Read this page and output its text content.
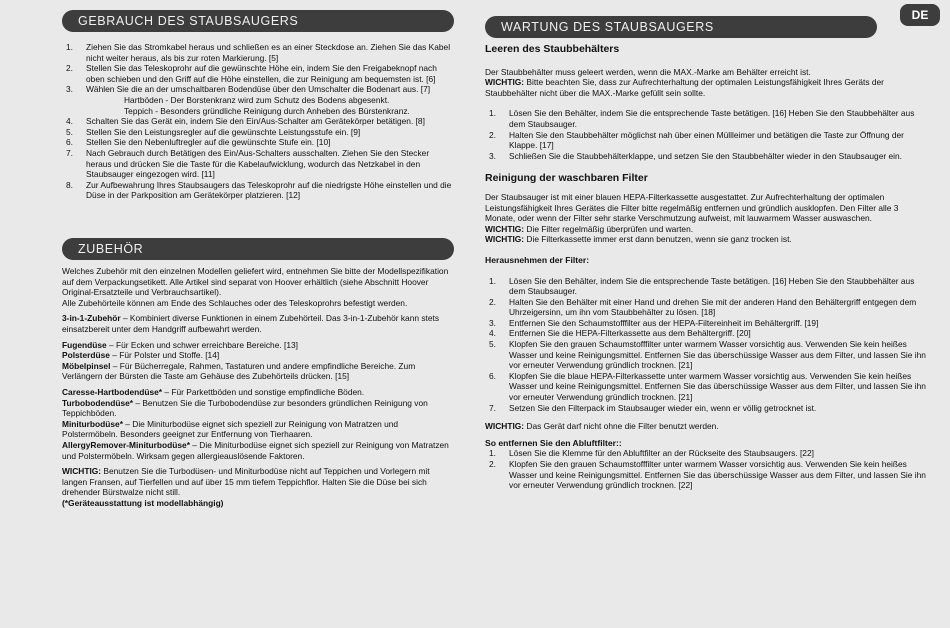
GEBRAUCH DES STAUBSAUGERS
1. Ziehen Sie das Stromkabel heraus und schließen es an einer Steckdose an. Ziehen Sie das Kabel nicht weiter heraus, als bis zur roten Markierung. [5]
2. Stellen Sie das Teleskoprohr auf die gewünschte Höhe ein, indem Sie den Freigabeknopf nach oben schieben und den Griff auf die Höhe einstellen, die zur Reinigung am bequemsten ist. [6]
3. Wählen Sie die an der umschaltbaren Bodendüse über den Umschalter die Bodenart aus. [7]
Hartböden - Der Borstenkranz wird zum Schutz des Bodens abgesenkt.
Teppich - Besonders gründliche Reinigung durch Anheben des Bürstenkranz.
4. Schalten Sie das Gerät ein, indem Sie den Ein/Aus-Schalter am Gerätekörper betätigen. [8]
5. Stellen Sie den Leistungsregler auf die gewünschte Leistungsstufe ein. [9]
6. Stellen Sie den Nebenluftregler auf die gewünschte Stufe ein. [10]
7. Nach Gebrauch durch Betätigen des Ein/Aus-Schalters ausschalten. Ziehen Sie den Stecker heraus und drücken Sie die Taste für die Kabelaufwicklung, wodurch das Netzkabel in den Staubsauger eingezogen wird. [11]
8. Zur Aufbewahrung Ihres Staubsaugers das Teleskoprohr auf die niedrigste Höhe einstellen und die Düse in der Parkposition am Gerätekörper platzieren. [12]
ZUBEHÖR

Welches Zubehör mit den einzelnen Modellen geliefert wird, entnehmen Sie bitte der Modellspezifikation auf dem Verpackungsetikett. Alle Artikel sind separat von Hoover erhältlich (siehe Abschnitt Hoover Original-Ersatzteile und Verbrauchsartikel).
Alle Zubehörteile können am Ende des Schlauches oder des Teleskoprohrs befestigt werden.

3-in-1-Zubehör – Kombiniert diverse Funktionen in einem Zubehörteil. Das 3-in-1-Zubehör kann stets einsatzbereit unter dem Handgriff aufbewahrt werden.

Fugendüse – Für Ecken und schwer erreichbare Bereiche. [13]
Polsterdüse – Für Polster und Stoffe. [14]
Möbelpinsel – Für Bücherregale, Rahmen, Tastaturen und andere empfindliche Bereiche. Zum Verlängern der Bürsten die Taste am Gehäuse des Zubehörteils drücken. [15]

Caresse-Hartbodendüse* – Für Parkettböden und sonstige empfindliche Böden.
Turbobodendüse* – Benutzen Sie die Turbobodendüse zur besonders gründlichen Reinigung von Teppichböden.
Miniturbodüse* – Die Miniturbodüse eignet sich speziell zur Reinigung von Matratzen und Polstermöbeln. Besonders geeignet zur Entfernung von Tierhaaren.
AllergyRemover-Miniturbodüse* – Die Miniturbodüse eignet sich speziell zur Reinigung von Matratzen und Polstermöbeln. Wirksam gegen allergieauslösende Faktoren.

WICHTIG: Benutzen Sie die Turbodüsen- und Miniturbodüse nicht auf Teppichen und Vorlegern mit langen Fransen, auf Tierfellen und auf über 15 mm tiefem Teppichflor. Halten Sie die Düse bei sich drehender Bürstwalze nicht still.
(*Geräteausstattung ist modellabhängig)

DE
WARTUNG DES STAUBSAUGERS
Leeren des Staubbehälters

Der Staubbehälter muss geleert werden, wenn die MAX.-Marke am Behälter erreicht ist.
WICHTIG: Bitte beachten Sie, dass zur Aufrechterhaltung der optimalen Leistungsfähigkeit Ihres Geräts der Staubbehälter nicht über die MAX.-Marke gefüllt sein sollte.

1. Lösen Sie den Behälter, indem Sie die entsprechende Taste betätigen. [16] Heben Sie den Staubbehälter aus dem Staubsauger.
2. Halten Sie den Staubbehälter möglichst nah über einen Müllleimer und betätigen die Taste zur Öffnung der Klappe. [17]
3. Schließen Sie die Staubbehälterklappe, und setzen Sie den Staubbehälter wieder in den Staubsauger ein.
Reinigung der waschbaren Filter

Der Staubsauger ist mit einer blauen HEPA-Filterkassette ausgestattet. Zur Aufrechterhaltung der optimalen Leistungsfähigkeit Ihres Gerätes die Filter bitte regelmäßig entfernen und gründlich ausklopfen. Den Filter alle 3 Monate, oder wenn der Filter sehr starke Verschmutzung aufweist, mit lauwarmem Wasser auswaschen.
WICHTIG: Die Filter regelmäßig überprüfen und warten.
WICHTIG: Die Filterkassette immer erst dann benutzen, wenn sie ganz trocken ist.

Herausnehmen der Filter:
1. Lösen Sie den Behälter, indem Sie die entsprechende Taste betätigen. [16] Heben Sie den Staubbehälter aus dem Staubsauger.
2. Halten Sie den Behälter mit einer Hand und drehen Sie mit der anderen Hand den Behältergriff entgegen dem Uhrzeigersinn, um ihn vom Staubbehälter zu lösen. [18]
3. Entfernen Sie den Schaumstofffilter aus der HEPA-Filtereinheit im Behältergriff. [19]
4. Entfernen Sie die HEPA-Filterkassette aus dem Behältergriff. [20]
5. Klopfen Sie den grauen Schaumstofffilter unter warmem Wasser vorsichtig aus. Verwenden Sie kein heißes Wasser und keine Reinigungsmittel. Entfernen Sie das überschüssige Wasser aus dem Filter, und lassen Sie ihn vor erneuter Verwendung gründlich trocknen. [21]
6. Klopfen Sie die blaue HEPA-Filterkassette unter warmem Wasser vorsichtig aus. Verwenden Sie kein heißes Wasser und keine Reinigungsmittel. Entfernen Sie das überschüssige Wasser aus dem Filter, und lassen Sie ihn vor erneuter Verwendung gründlich trocknen. [21]
7. Setzen Sie den Filterpack im Staubsauger wieder ein, wenn er völlig getrocknet ist.

WICHTIG: Das Gerät darf nicht ohne die Filter benutzt werden.

So entfernen Sie den Abluftfilter::
1. Lösen Sie die Klemme für den Abluftfilter an der Rückseite des Staubsaugers. [22]
2. Klopfen Sie den grauen Schaumstofffilter unter warmem Wasser vorsichtig aus. Verwenden Sie kein heißes Wasser und keine Reinigungsmittel. Entfernen Sie das überschüssige Wasser aus dem Filter, und lassen Sie ihn vor erneuter Verwendung gründlich trocknen. [22]
